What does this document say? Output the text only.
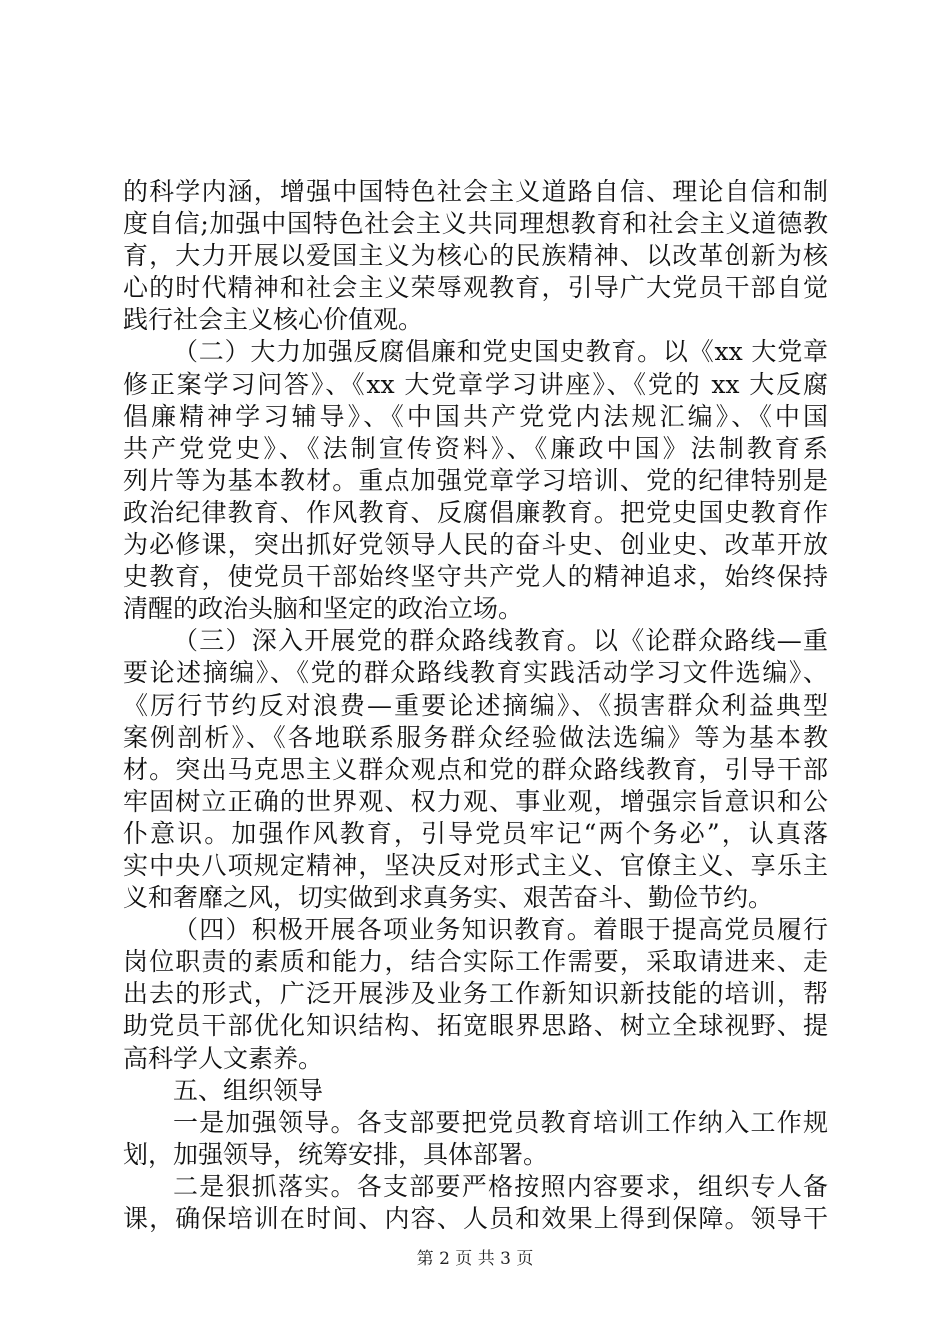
的科学内涵，增强中国特色社会主义道路自信、理论自信和制
度自信;加强中国特色社会主义共同理想教育和社会主义道德教
育，大力开展以爱国主义为核心的民族精神、以改革创新为核
心的时代精神和社会主义荣辱观教育，引导广大党员干部自觉
践行社会主义核心价值观。
（二）大力加强反腐倡廉和党史国史教育。以《xx 大党章
修正案学习问答》、《xx 大党章学习讲座》、《党的 xx 大反腐
倡廉精神学习辅导》、《中国共产党党内法规汇编》、《中国
共产党党史》、《法制宣传资料》、《廉政中国》法制教育系
列片等为基本教材。重点加强党章学习培训、党的纪律特别是
政治纪律教育、作风教育、反腐倡廉教育。把党史国史教育作
为必修课，突出抓好党领导人民的奋斗史、创业史、改革开放
史教育，使党员干部始终坚守共产党人的精神追求，始终保持
清醒的政治头脑和坚定的政治立场。
（三）深入开展党的群众路线教育。以《论群众路线—重
要论述摘编》、《党的群众路线教育实践活动学习文件选编》、
《厉行节约反对浪费—重要论述摘编》、《损害群众利益典型
案例剖析》、《各地联系服务群众经验做法选编》等为基本教
材。突出马克思主义群众观点和党的群众路线教育，引导干部
牢固树立正确的世界观、权力观、事业观，增强宗旨意识和公
仆意识。加强作风教育，引导党员牢记“两个务必”，认真落
实中央八项规定精神，坚决反对形式主义、官僚主义、享乐主
义和奢靡之风，切实做到求真务实、艰苦奋斗、勤俭节约。
（四）积极开展各项业务知识教育。着眼于提高党员履行
岗位职责的素质和能力，结合实际工作需要，采取请进来、走
出去的形式，广泛开展涉及业务工作新知识新技能的培训，帮
助党员干部优化知识结构、拓宽眼界思路、树立全球视野、提
高科学人文素养。
五、组织领导
一是加强领导。各支部要把党员教育培训工作纳入工作规
划，加强领导，统筹安排，具体部署。
二是狠抓落实。各支部要严格按照内容要求，组织专人备
课，确保培训在时间、内容、人员和效果上得到保障。领导干
第 2 页 共 3 页
